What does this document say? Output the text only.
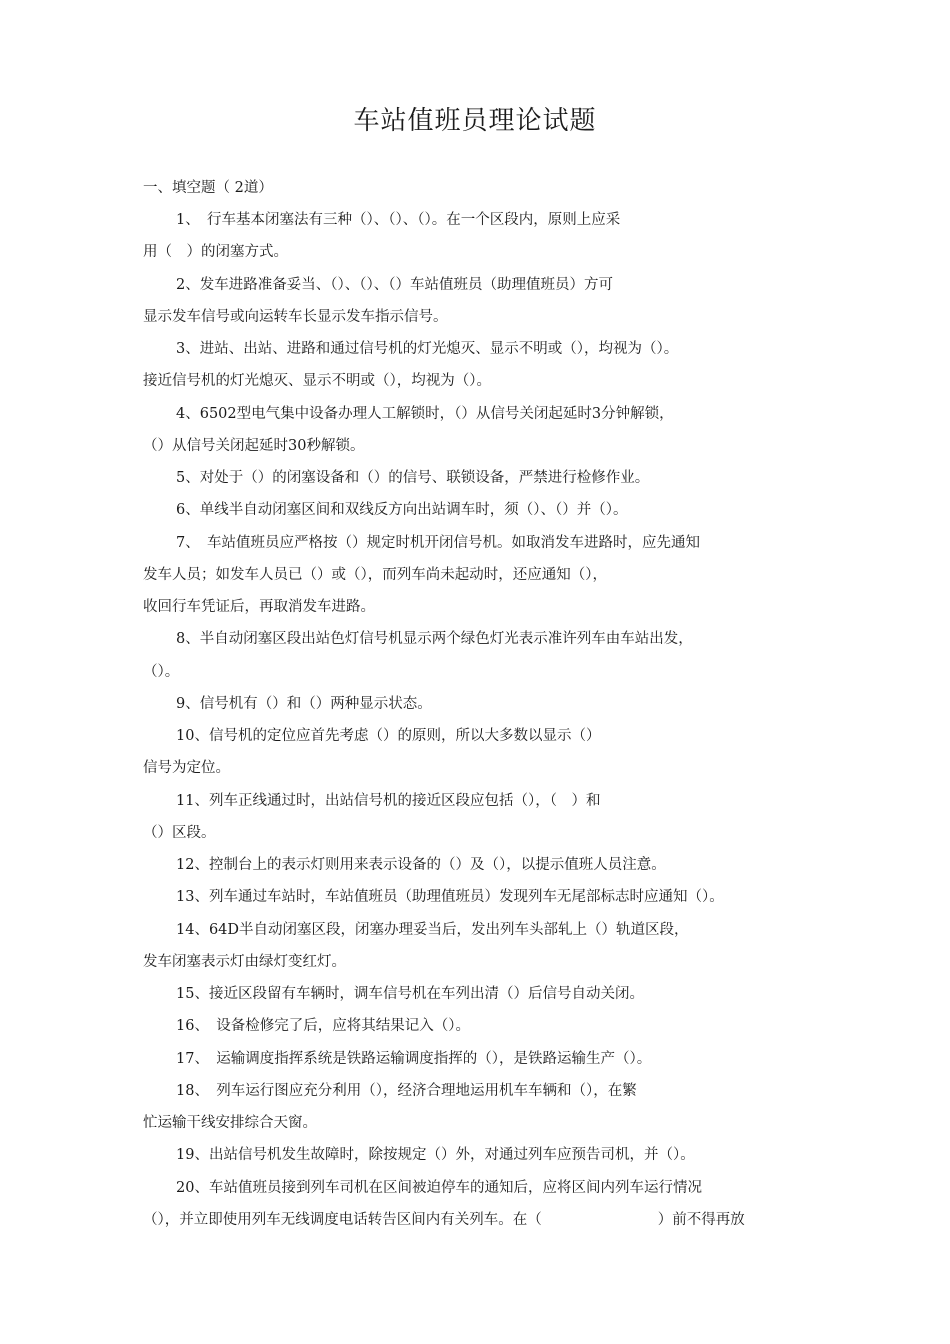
车站值班员理论试题
一、填空题（ 2道）
1、　行车基本闭塞法有三种（）、（）、（）。在一个区段内，原则上应采
用（　）的闭塞方式。
2、发车进路准备妥当、（）、（）、（）车站值班员（助理值班员）方可
显示发车信号或向运转车长显示发车指示信号。
3、进站、出站、进路和通过信号机的灯光熄灭、显示不明或（），均视为（）。
接近信号机的灯光熄灭、显示不明或（），均视为（）。
4、6502型电气集中设备办理人工解锁时，（）从信号关闭起延时3分钟解锁，
（）从信号关闭起延时30秒解锁。
5、对处于（）的闭塞设备和（）的信号、联锁设备，严禁进行检修作业。
6、单线半自动闭塞区间和双线反方向出站调车时，须（）、（）并（）。
7、　车站值班员应严格按（）规定时机开闭信号机。如取消发车进路时，应先通知
发车人员；如发车人员已（）或（），而列车尚未起动时，还应通知（），
收回行车凭证后，再取消发车进路。
8、半自动闭塞区段出站色灯信号机显示两个绿色灯光表示准许列车由车站出发，
（）。
9、信号机有（）和（）两种显示状态。
10、信号机的定位应首先考虑（）的原则，所以大多数以显示（）
信号为定位。
11、列车正线通过时，出站信号机的接近区段应包括（），（　）和
（）区段。
12、控制台上的表示灯则用来表示设备的（）及（），以提示值班人员注意。
13、列车通过车站时，车站值班员（助理值班员）发现列车无尾部标志时应通知（）。
14、64D半自动闭塞区段，闭塞办理妥当后，发出列车头部轧上（）轨道区段，
发车闭塞表示灯由绿灯变红灯。
15、接近区段留有车辆时，调车信号机在车列出清（）后信号自动关闭。
16、　设备检修完了后，应将其结果记入（）。
17、　运输调度指挥系统是铁路运输调度指挥的（），是铁路运输生产（）。
18、　列车运行图应充分利用（），经济合理地运用机车车辆和（），在繁
忙运输干线安排综合天窗。
19、出站信号机发生故障时，除按规定（）外，对通过列车应预告司机，并（）。
20、车站值班员接到列车司机在区间被迫停车的通知后，应将区间内列车运行情况
（），并立即使用列车无线调度电话转告区间内有关列车。在（　　　　　　　　）前不得再放
